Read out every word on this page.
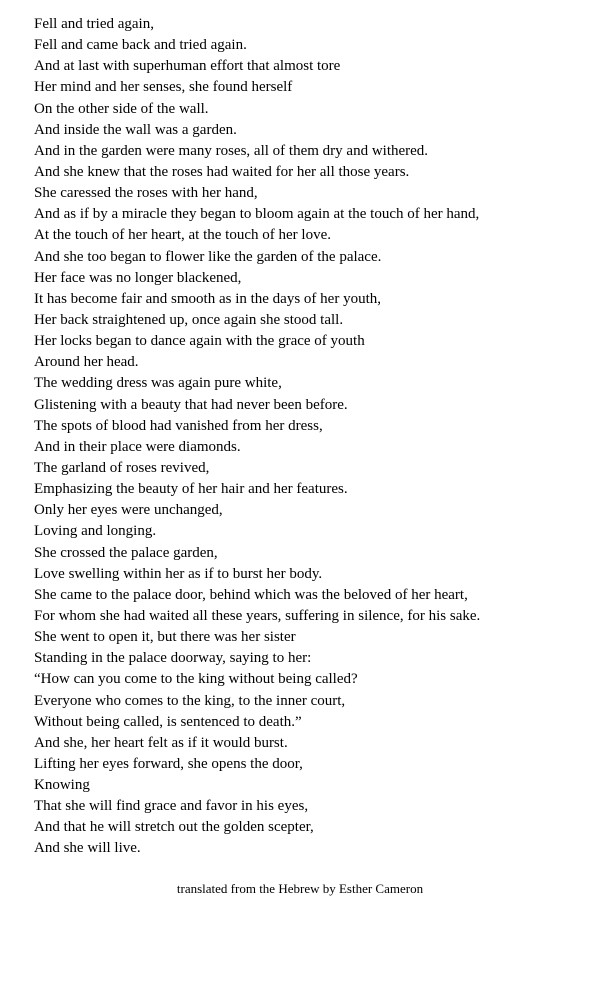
Fell and tried again,
Fell and came back and tried again.
And at last with superhuman effort that almost tore
Her mind and her senses, she found herself
On the other side of the wall.
And inside the wall was a garden.
And in the garden were many roses, all of them dry and withered.
And she knew that the roses had waited for her all those years.
She caressed the roses with her hand,
And as if by a miracle they began to bloom again at the touch of her hand,
At the touch of her heart, at the touch of her love.
And she too began to flower like the garden of the palace.
Her face was no longer blackened,
It has become fair and smooth as in the days of her youth,
Her back straightened up, once again she stood tall.
Her locks began to dance again with the grace of youth
Around her head.
The wedding dress was again pure white,
Glistening with a beauty that had never been before.
The spots of blood had vanished from her dress,
And in their place were diamonds.
The garland of roses revived,
Emphasizing the beauty of her hair and her features.
Only her eyes were unchanged,
Loving and longing.
She crossed the palace garden,
Love swelling within her as if to burst her body.
She came to the palace door, behind which was the beloved of her heart,
For whom she had waited all these years, suffering in silence, for his sake.
She went to open it, but there was her sister
Standing in the palace doorway, saying to her:
“How can you come to the king without being called?
Everyone who comes to the king, to the inner court,
Without being called, is sentenced to death.”
And she, her heart felt as if it would burst.
Lifting her eyes forward, she opens the door,
Knowing
That she will find grace and favor in his eyes,
And that he will stretch out the golden scepter,
And she will live.
translated from the Hebrew by Esther Cameron
